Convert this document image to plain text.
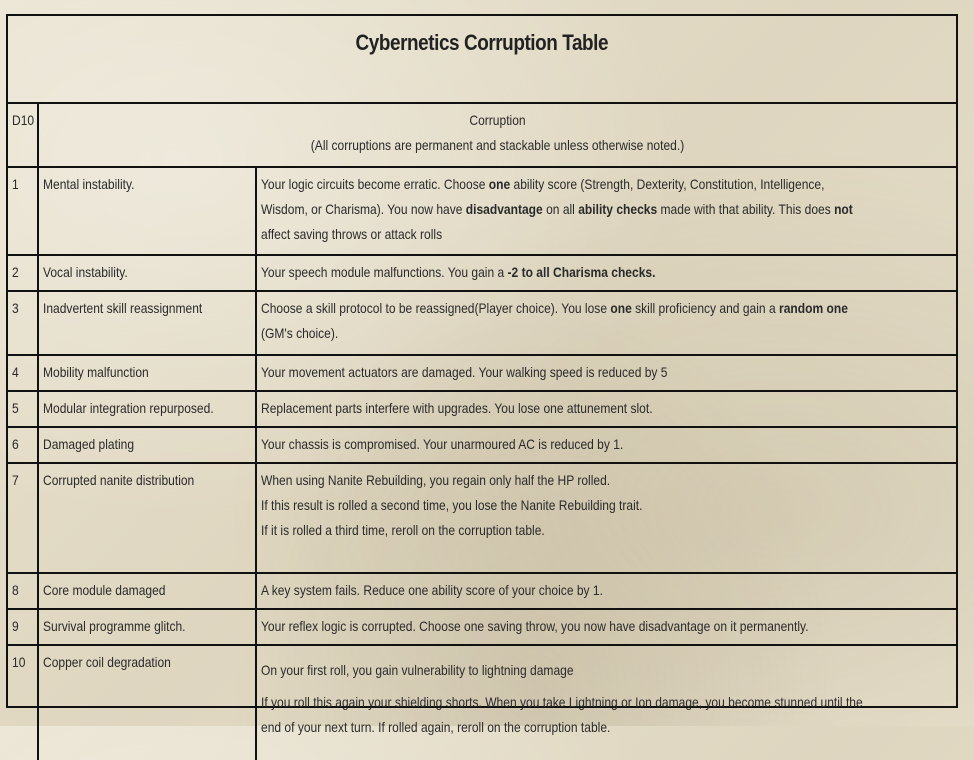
Cybernetics Corruption Table
D10	Corruption
(All corruptions are permanent and stackable unless otherwise noted.)	

1	Mental instability.	Your logic circuits become erratic. Choose one ability score (Strength, Dexterity, Constitution, Intelligence,
Wisdom, or Charisma). You now have disadvantage on all ability checks made with that ability. This does not
affect saving throws or attack rolls

2	Vocal instability.	Your speech module malfunctions. You gain a -2 to all Charisma checks.

3	Inadvertent skill reassignment	Choose a skill protocol to be reassigned(Player choice). You lose one skill proficiency and gain a random one
(GM's choice).

4	Mobility malfunction	Your movement actuators are damaged. Your walking speed is reduced by 5

5	Modular integration repurposed.	Replacement parts interfere with upgrades. You lose one attunement slot.

6	Damaged plating	Your chassis is compromised. Your unarmoured AC is reduced by 1.

7	Corrupted nanite distribution	When using Nanite Rebuilding, you regain only half the HP rolled.
If this result is rolled a second time, you lose the Nanite Rebuilding trait.
If it is rolled a third time, reroll on the corruption table.

8	Core module damaged	A key system fails. Reduce one ability score of your choice by 1.

9	Survival programme glitch.	Your reflex logic is corrupted. Choose one saving throw, you now have disadvantage on it permanently.

10	Copper coil degradation	On your first roll, you gain vulnerability to lightning damage
If you roll this again your shielding shorts. When you take Lightning or Ion damage, you become stunned until the
end of your next turn. If rolled again, reroll on the corruption table.
